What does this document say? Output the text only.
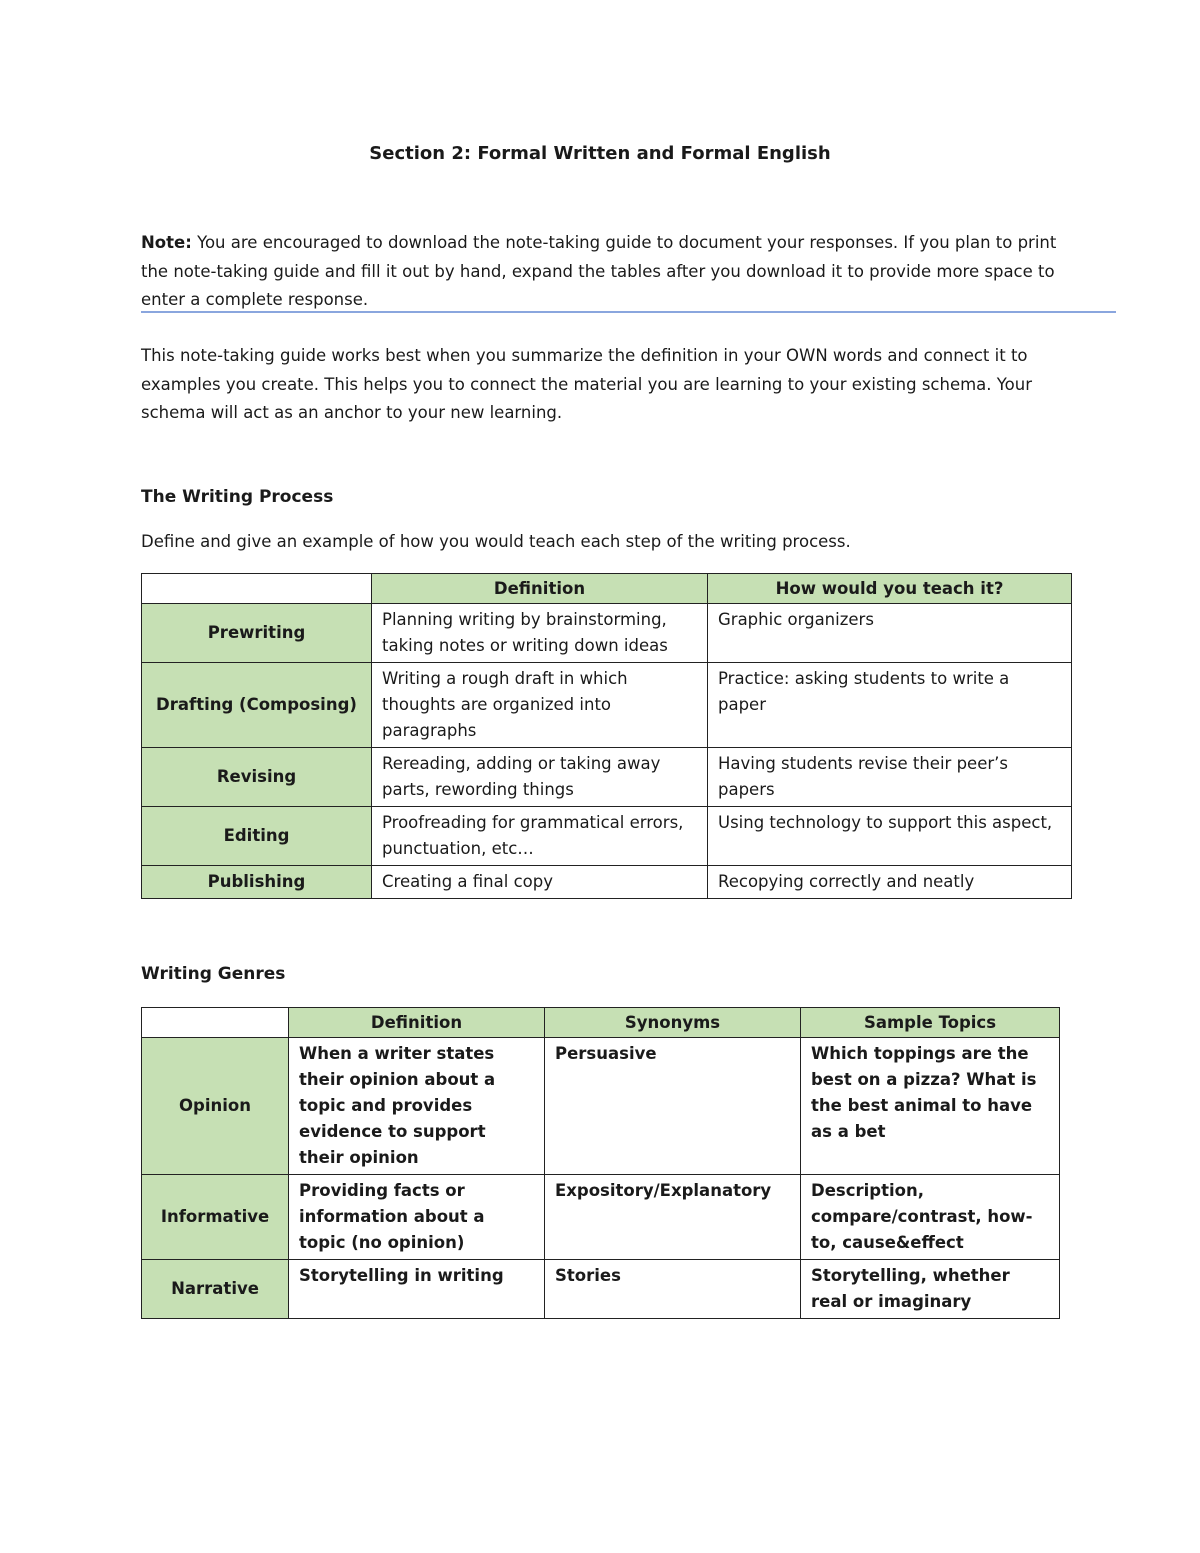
Section 2: Formal Written and Formal English
Note: You are encouraged to download the note-taking guide to document your responses. If you plan to print the note-taking guide and fill it out by hand, expand the tables after you download it to provide more space to enter a complete response.
This note-taking guide works best when you summarize the definition in your OWN words and connect it to examples you create. This helps you to connect the material you are learning to your existing schema. Your schema will act as an anchor to your new learning.
The Writing Process
Define and give an example of how you would teach each step of the writing process.
	Definition	How would you teach it?
Prewriting	Planning writing by brainstorming, taking notes or writing down ideas	Graphic organizers
Drafting (Composing)	Writing a rough draft in which thoughts are organized into paragraphs	Practice: asking students to write a paper
Revising	Rereading, adding or taking away parts, rewording things	Having students revise their peer’s papers
Editing	Proofreading for grammatical errors, punctuation, etc…	Using technology to support this aspect,
Publishing	Creating a final copy	Recopying correctly and neatly
Writing Genres
	Definition	Synonyms	Sample Topics
Opinion	When a writer states their opinion about a topic and provides evidence to support their opinion	Persuasive	Which toppings are the best on a pizza? What is the best animal to have as a bet
Informative	Providing facts or information about a topic (no opinion)	Expository/Explanatory	Description, compare/contrast, how-to, cause&effect
Narrative	Storytelling in writing	Stories	Storytelling, whether real or imaginary
